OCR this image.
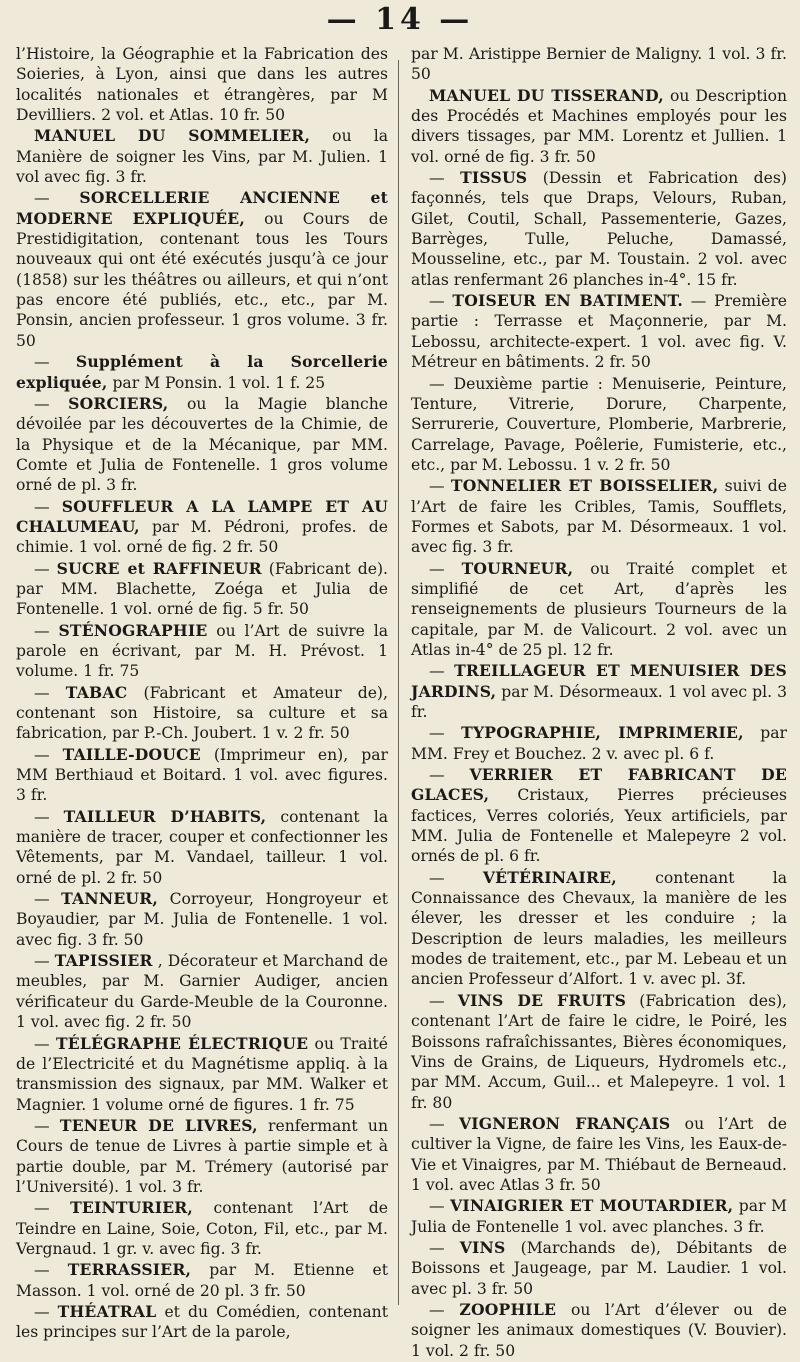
— 14 —

l’Histoire, la Géographie et la Fabrication des Soieries, à Lyon, ainsi que dans les autres localités nationales et étrangères, par M Devilliers. 2 vol. et Atlas. 10 fr. 50

MANUEL DU SOMMELIER, ou la Manière de soigner les Vins, par M. Julien. 1 vol avec fig. 3 fr.

— SORCELLERIE ANCIENNE et MODERNE EXPLIQUÉE, ou Cours de Prestidigitation, contenant tous les Tours nouveaux qui ont été exécutés jusqu’à ce jour (1858) sur les théâtres ou ailleurs, et qui n’ont pas encore été publiés, etc., etc., par M. Ponsin, ancien professeur. 1 gros volume. 3 fr. 50

— Supplément à la Sorcellerie expliquée, par M Ponsin. 1 vol. 1 f. 25

— SORCIERS, ou la Magie blanche dévoilée par les découvertes de la Chimie, de la Physique et de la Mécanique, par MM. Comte et Julia de Fontenelle. 1 gros volume orné de pl. 3 fr.

— SOUFFLEUR A LA LAMPE ET AU CHALUMEAU, par M. Pédroni, profes. de chimie. 1 vol. orné de fig. 2 fr. 50

— SUCRE et RAFFINEUR (Fabricant de). par MM. Blachette, Zoéga et Julia de Fontenelle. 1 vol. orné de fig. 5 fr. 50

— STÉNOGRAPHIE ou l’Art de suivre la parole en écrivant, par M. H. Prévost. 1 volume. 1 fr. 75

— TABAC (Fabricant et Amateur de), contenant son Histoire, sa culture et sa fabrication, par P.-Ch. Joubert. 1 v. 2 fr. 50

— TAILLE-DOUCE (Imprimeur en), par MM Berthiaud et Boitard. 1 vol. avec figures. 3 fr.

— TAILLEUR D’HABITS, contenant la manière de tracer, couper et confectionner les Vêtements, par M. Vandael, tailleur. 1 vol. orné de pl. 2 fr. 50

— TANNEUR, Corroyeur, Hongroyeur et Boyaudier, par M. Julia de Fontenelle. 1 vol. avec fig. 3 fr. 50

— TAPISSIER , Décorateur et Marchand de meubles, par M. Garnier Audiger, ancien vérificateur du Garde-Meuble de la Couronne. 1 vol. avec fig. 2 fr. 50

— TÉLÉGRAPHE ÉLECTRIQUE ou Traité de l’Electricité et du Magnétisme appliq. à la transmission des signaux, par MM. Walker et Magnier. 1 volume orné de figures. 1 fr. 75

— TENEUR DE LIVRES, renfermant un Cours de tenue de Livres à partie simple et à partie double, par M. Trémery (autorisé par l’Université). 1 vol. 3 fr.

— TEINTURIER, contenant l’Art de Teindre en Laine, Soie, Coton, Fil, etc., par M. Vergnaud. 1 gr. v. avec fig. 3 fr.

— TERRASSIER, par M. Etienne et Masson. 1 vol. orné de 20 pl. 3 fr. 50

— THÉATRAL et du Comédien, contenant les principes sur l’Art de la parole,

par M. Aristippe Bernier de Maligny. 1 vol. 3 fr. 50

MANUEL DU TISSERAND, ou Description des Procédés et Machines employés pour les divers tissages, par MM. Lorentz et Jullien. 1 vol. orné de fig. 3 fr. 50

— TISSUS (Dessin et Fabrication des) façonnés, tels que Draps, Velours, Ruban, Gilet, Coutil, Schall, Passementerie, Gazes, Barrèges, Tulle, Peluche, Damassé, Mousseline, etc., par M. Toustain. 2 vol. avec atlas renfermant 26 planches in-4°. 15 fr.

— TOISEUR EN BATIMENT. — Première partie : Terrasse et Maçonnerie, par M. Lebossu, architecte-expert. 1 vol. avec fig. V. Métreur en bâtiments. 2 fr. 50

— Deuxième partie : Menuiserie, Peinture, Tenture, Vitrerie, Dorure, Charpente, Serrurerie, Couverture, Plomberie, Marbrerie, Carrelage, Pavage, Poêlerie, Fumisterie, etc., etc., par M. Lebossu. 1 v. 2 fr. 50

— TONNELIER ET BOISSELIER, suivi de l’Art de faire les Cribles, Tamis, Soufflets, Formes et Sabots, par M. Désormeaux. 1 vol. avec fig. 3 fr.

— TOURNEUR, ou Traité complet et simplifié de cet Art, d’après les renseignements de plusieurs Tourneurs de la capitale, par M. de Valicourt. 2 vol. avec un Atlas in-4° de 25 pl. 12 fr.

— TREILLAGEUR ET MENUISIER DES JARDINS, par M. Désormeaux. 1 vol avec pl. 3 fr.

— TYPOGRAPHIE, IMPRIMERIE, par MM. Frey et Bouchez. 2 v. avec pl. 6 f.

— VERRIER ET FABRICANT DE GLACES, Cristaux, Pierres précieuses factices, Verres coloriés, Yeux artificiels, par MM. Julia de Fontenelle et Malepeyre 2 vol. ornés de pl. 6 fr.

— VÉTÉRINAIRE, contenant la Connaissance des Chevaux, la manière de les élever, les dresser et les conduire ; la Description de leurs maladies, les meilleurs modes de traitement, etc., par M. Lebeau et un ancien Professeur d’Alfort. 1 v. avec pl. 3f.

— VINS DE FRUITS (Fabrication des), contenant l’Art de faire le cidre, le Poiré, les Boissons rafraîchissantes, Bières économiques, Vins de Grains, de Liqueurs, Hydromels etc., par MM. Accum, Guil... et Malepeyre. 1 vol. 1 fr. 80

— VIGNERON FRANÇAIS ou l’Art de cultiver la Vigne, de faire les Vins, les Eaux-de-Vie et Vinaigres, par M. Thiébaut de Berneaud. 1 vol. avec Atlas 3 fr. 50

— VINAIGRIER ET MOUTARDIER, par M Julia de Fontenelle 1 vol. avec planches. 3 fr.

— VINS (Marchands de), Débitants de Boissons et Jaugeage, par M. Laudier. 1 vol. avec pl. 3 fr. 50

— ZOOPHILE ou l’Art d’élever ou de soigner les animaux domestiques (V. Bouvier). 1 vol. 2 fr. 50
